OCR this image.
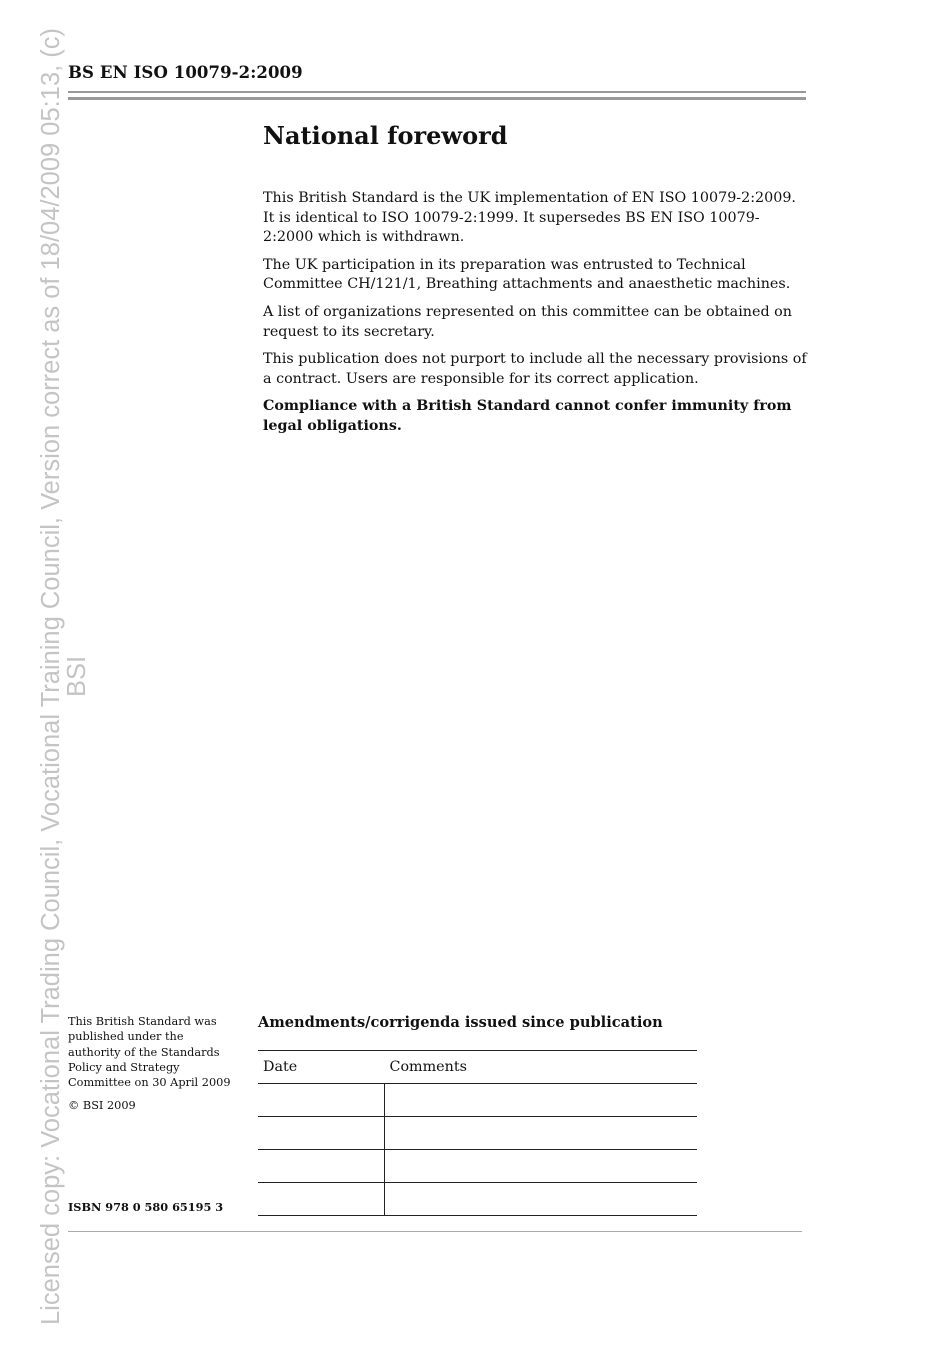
Licensed copy: Vocational Trading Council, Vocational Training Council, Version correct as of 18/04/2009 05:13, (c)
BSI
BS EN ISO 10079-2:2009
National foreword

This British Standard is the UK implementation of EN ISO 10079-2:2009. It is identical to ISO 10079-2:1999. It supersedes BS EN ISO 10079-2:2000 which is withdrawn.

The UK participation in its preparation was entrusted to Technical Committee CH/121/1, Breathing attachments and anaesthetic machines.

A list of organizations represented on this committee can be obtained on request to its secretary.

This publication does not purport to include all the necessary provisions of a contract. Users are responsible for its correct application.

Compliance with a British Standard cannot confer immunity from legal obligations.

This British Standard was published under the authority of the Standards Policy and Strategy Committee on 30 April 2009

© BSI 2009

ISBN 978 0 580 65195 3
Amendments/corrigenda issued since publication
Date	Comments
